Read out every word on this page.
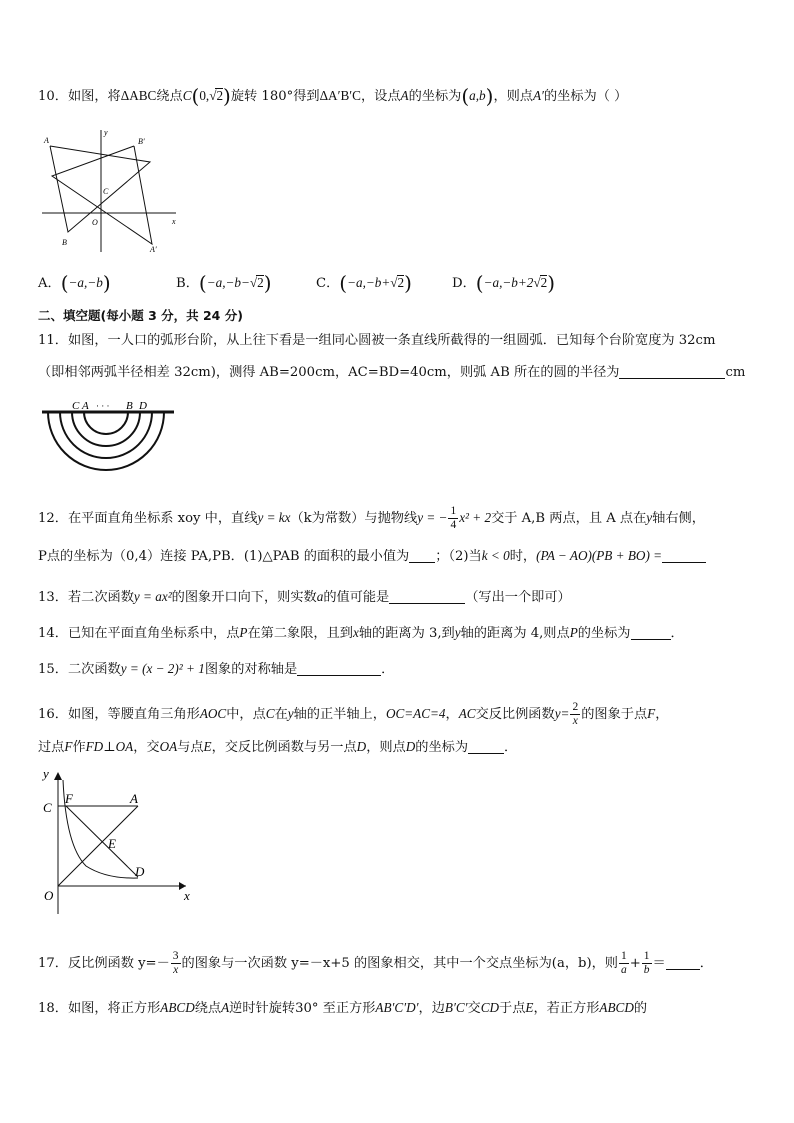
10．如图，将ΔABC绕点C(0,√2)旋转 180°得到ΔA′B′C，设点A的坐标为(a,b)，则点A′的坐标为（ ）
A
B
B′
A′
C
O	x
y
A．(−a,−b)	B．(−a,−b−√2)	C．(−a,−b+√2)	D．(−a,−b+2√2)
二、填空题(每小题 3 分，共 24 分)
11．如图，一人口的弧形台阶，从上往下看是一组同心圆被一条直线所截得的一组圆弧．已知每个台阶宽度为 32cm
（即相邻两弧半径相差 32cm)，测得 AB=200cm，AC=BD=40cm，则弧 AB 所在的圆的半径为	cm
C A · · · B D
12．在平面直角坐标系 xoy 中，直线y = kx（k为常数）与抛物线y = − $\frac{1}{4} x^2 + 2$交于 A,B 两点，且 A 点在y轴右侧，
P点的坐标为（0,4）连接 PA,PB．(1)△PAB 的面积的最小值为 ；（2)当k < 0时，(PA − AO)(PB + BO) =
13．若二次函数y = ax²的图象开口向下，则实数a的值可能是	（写出一个即可）
14．已知在平面直角坐标系中，点P在第二象限，且到x轴的距离为 3,到y轴的距离为 4,则点P的坐标为	．
15．二次函数y = (x − 2)² + 1图象的对称轴是	．
16．如图，等腰直角三角形AOC中，点C在y轴的正半轴上，OC=AC=4，AC交反比例函数$y= \frac{2}{x}$ 的图象于点F，
过点F作FD⊥OA，交OA与点E，交反比例函数与另一点D，则点D的坐标为	．
y
x
C
F	A
E
D
O
17．反比例函数 $y=- \frac{3}{x}$ 的图象与一次函数 y=－x+5 的图象相交，其中一个交点坐标为(a，b)，则 $\frac{1}{a} + \frac{1}{b}$ ＝	．
18．如图，将正方形ABCD绕点A逆时针旋转30° 至正方形AB′C′D′，边B′C′交CD于点E，若正方形ABCD的
